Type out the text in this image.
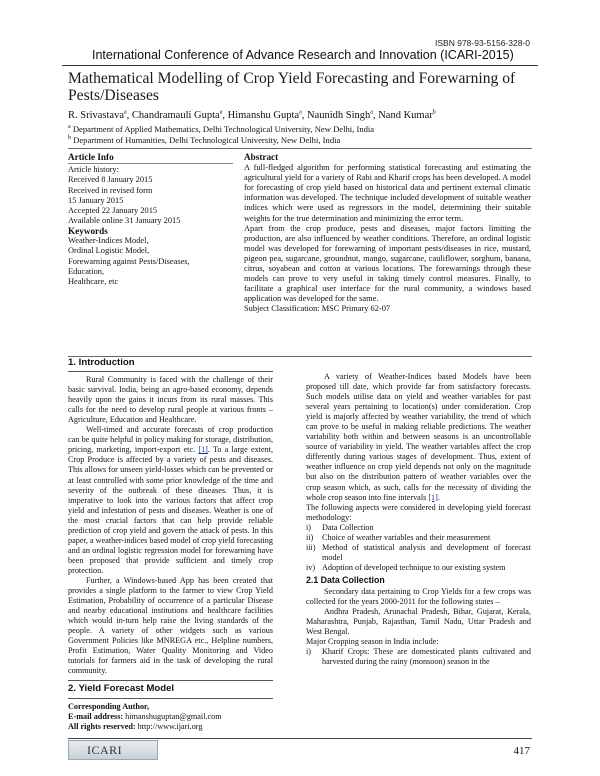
ISBN 978-93-5156-328-0
International Conference of Advance Research and Innovation (ICARI-2015)
Mathematical Modelling of Crop Yield Forecasting and Forewarning of Pests/Diseases
R. Srivastava$^a$, Chandramauli Gupta$^a$, Himanshu Gupta$^a$, Naunidh Singh$^a$, Nand Kumar$^b$
$^a$ Department of Applied Mathematics, Delhi Technological University, New Delhi, India
$^b$ Department of Humanities, Delhi Technological University, New Delhi, India
Article Info
Article history:
Received 8 January 2015
Received in revised form
15 January 2015
Accepted 22 January 2015
Available online 31 January 2015
Keywords
Weather-Indices Model,
Ordinal Logistic Model,
Forewarning against Pests/Diseases,
Education,
Healthcare, etc
Abstract

A full-fledged algorithm for performing statistical forecasting and estimating the agricultural yield for a variety of Rabi and Kharif crops has been developed. A model for forecasting of crop yield based on historical data and pertinent external climatic information was developed. The technique included development of suitable weather indices which were used as regressors in the model, determining their suitable weights for the true determination and minimizing the error term.

Apart from the crop produce, pests and diseases, major factors limiting the production, are also influenced by weather conditions. Therefore, an ordinal logistic model was developed for forewarning of important pests/diseases in rice, mustard, pigeon pea, sugarcane, groundnut, mango, sugarcane, cauliflower, sorghum, banana, citrus, soyabean and cotton at various locations. The forewarnings through these models can prove to very useful in taking timely control measures. Finally, to facilitate a graphical user interface for the rural community, a windows based application was developed for the same.

Subject Classification: MSC Primary 62-07

1. Introduction

Rural Community is faced with the challenge of their basic survival. India, being an agro-based economy, depends heavily upon the gains it incurs from its rural masses. This calls for the need to develop rural people at various fronts – Agriculture, Education and Healthcare.

Well-timed and accurate forecasts of crop production can be quite helpful in policy making for storage, distribution, pricing, marketing, import-export etc. [1]. To a large extent, Crop Produce is affected by a variety of pests and diseases. This allows for unseen yield-losses which can be prevented or at least controlled with some prior knowledge of the time and severity of the outbreak of these diseases. Thus, it is imperative to look into the various factors that affect crop yield and infestation of pests and diseases. Weather is one of the most crucial factors that can help provide reliable prediction of crop yield and govern the attack of pests. In this paper, a weather-indices based model of crop yield forecasting and an ordinal logistic regression model for forewarning have been proposed that provide sufficient and timely crop protection.

Further, a Windows-based App has been created that provides a single platform to the farmer to view Crop Yield Estimation, Probability of occurrence of a particular Disease and nearby educational institutions and healthcare facilities which would in-turn help raise the living standards of the people. A variety of other widgets such as various Government Policies like MNREGA etc., Helpline numbers, Profit Estimation, Water Quality Monitoring and Video tutorials for farmers aid in the task of developing the rural community.

2. Yield Forecast Model
Corresponding Author,
E-mail address: himanshuguptan@gmail.com
All rights reserved: http://www.ijari.org

A variety of Weather-Indices based Models have been proposed till date, which provide far from satisfactory forecasts. Such models utilise data on yield and weather variables for past several years pertaining to location(s) under consideration. Crop yield is majorly affected by weather variability, the trend of which can prove to be useful in making reliable predictions. The weather variability both within and between seasons is an uncontrollable source of variability in yield. The weather variables affect the crop differently during various stages of development. Thus, extent of weather influence on crop yield depends not only on the magnitude but also on the distribution pattern of weather variables over the crop season which, as such, calls for the necessity of dividing the whole crop season into fine intervals [1].

The following aspects were considered in developing yield forecast methodology:

i)	Data Collection
ii)	Choice of weather variables and their measurement
iii) Method of statistical analysis and development of forecast model
iv) Adoption of developed technique to our existing system
2.1 Data Collection

Secondary data pertaining to Crop Yields for a few crops was collected for the years 2000-2011 for the following states –

Andhra Pradesh, Arunachal Pradesh, Bihar, Gujarat, Kerala, Maharashtra, Punjab, Rajasthan, Tamil Nadu, Uttar Pradesh and West Bengal.

Major Cropping season in India include:

i)	Kharif Crops: These are domesticated plants cultivated and harvested during the rainy (monsoon) season in the
ICARI	417
